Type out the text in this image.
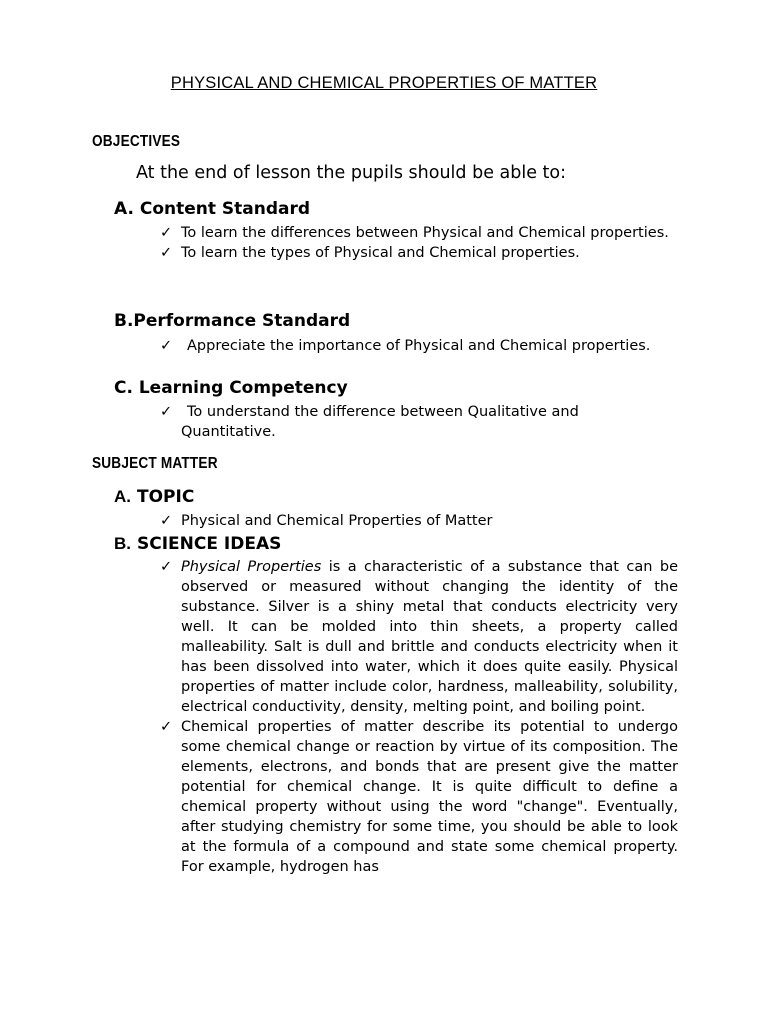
PHYSICAL AND CHEMICAL PROPERTIES OF MATTER
OBJECTIVES

At the end of lesson the pupils should be able to:

A. Content Standard
✓ To learn the differences between Physical and Chemical properties.
✓ To learn the types of Physical and Chemical properties.
B.Performance Standard
✓ Appreciate the importance of Physical and Chemical properties.
C. Learning Competency
✓ To understand the difference between Qualitative and Quantitative.
SUBJECT MATTER
A. TOPIC
✓ Physical and Chemical Properties of Matter
B. SCIENCE IDEAS
✓ Physical Properties is a characteristic of a substance that can be observed or measured without changing the identity of the substance. Silver is a shiny metal that conducts electricity very well. It can be molded into thin sheets, a property called malleability. Salt is dull and brittle and conducts electricity when it has been dissolved into water, which it does quite easily. Physical properties of matter include color, hardness, malleability, solubility, electrical conductivity, density, melting point, and boiling point.
✓ Chemical properties of matter describe its potential to undergo some chemical change or reaction by virtue of its composition. The elements, electrons, and bonds that are present give the matter potential for chemical change. It is quite difficult to define a chemical property without using the word "change". Eventually, after studying chemistry for some time, you should be able to look at the formula of a compound and state some chemical property. For example, hydrogen has
